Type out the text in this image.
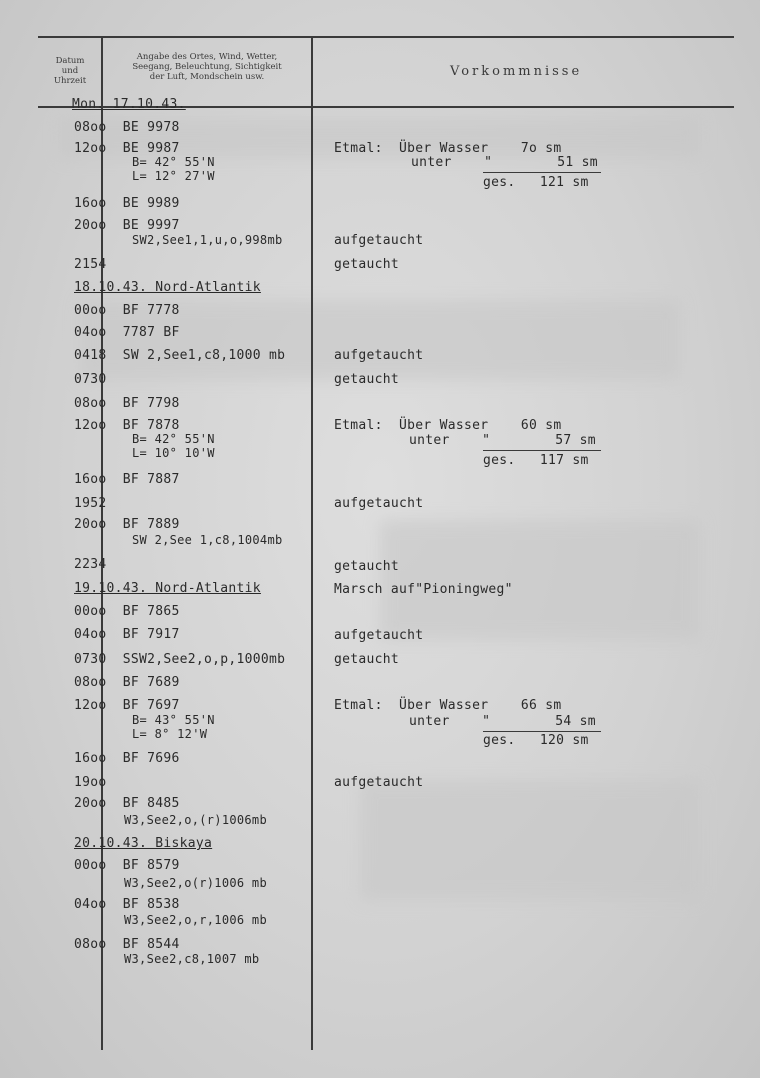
Datum
und
Uhrzeit
Angabe des Ortes, Wind, Wetter,
Seegang, Beleuchtung, Sichtigkeit
der Luft, Mondschein usw.	Vorkommnisse
Mon. 17.10.43.
08oo  BE 9978
12oo  BE 9987
B= 42° 55'N
L= 12° 27'W
16oo  BE 9989
20oo  BE 9997
SW2,See1,1,u,o,998mb
2154
18.10.43. Nord-Atlantik
00oo  BF 7778
04oo  7787 BF
0418  SW 2,See1,c8,1000 mb
0730
08oo  BF 7798
12oo  BF 7878
B= 42° 55'N
L= 10° 10'W
16oo  BF 7887
1952
20oo  BF 7889
SW 2,See 1,c8,1004mb
2234
19.10.43. Nord-Atlantik
00oo  BF 7865
04oo  BF 7917
0730  SSW2,See2,o,p,1000mb
08oo  BF 7689
12oo  BF 7697
B= 43° 55'N
L= 8° 12'W
16oo  BF 7696
19oo
20oo  BF 8485
W3,See2,o,(r)1006mb
20.10.43. Biskaya
00oo  BF 8579
W3,See2,o(r)1006 mb
04oo  BF 8538
W3,See2,o,r,1006 mb
08oo  BF 8544
W3,See2,c8,1007 mb
Etmal:  Über Wasser    7o sm
unter    "        51 sm
ges.   121 sm
aufgetaucht
getaucht
aufgetaucht
getaucht
Etmal:  Über Wasser    60 sm
unter    "        57 sm
ges.   117 sm
aufgetaucht
getaucht
Marsch auf"Pioningweg"
aufgetaucht
getaucht
Etmal:  Über Wasser    66 sm
unter    "        54 sm
ges.   120 sm
aufgetaucht
